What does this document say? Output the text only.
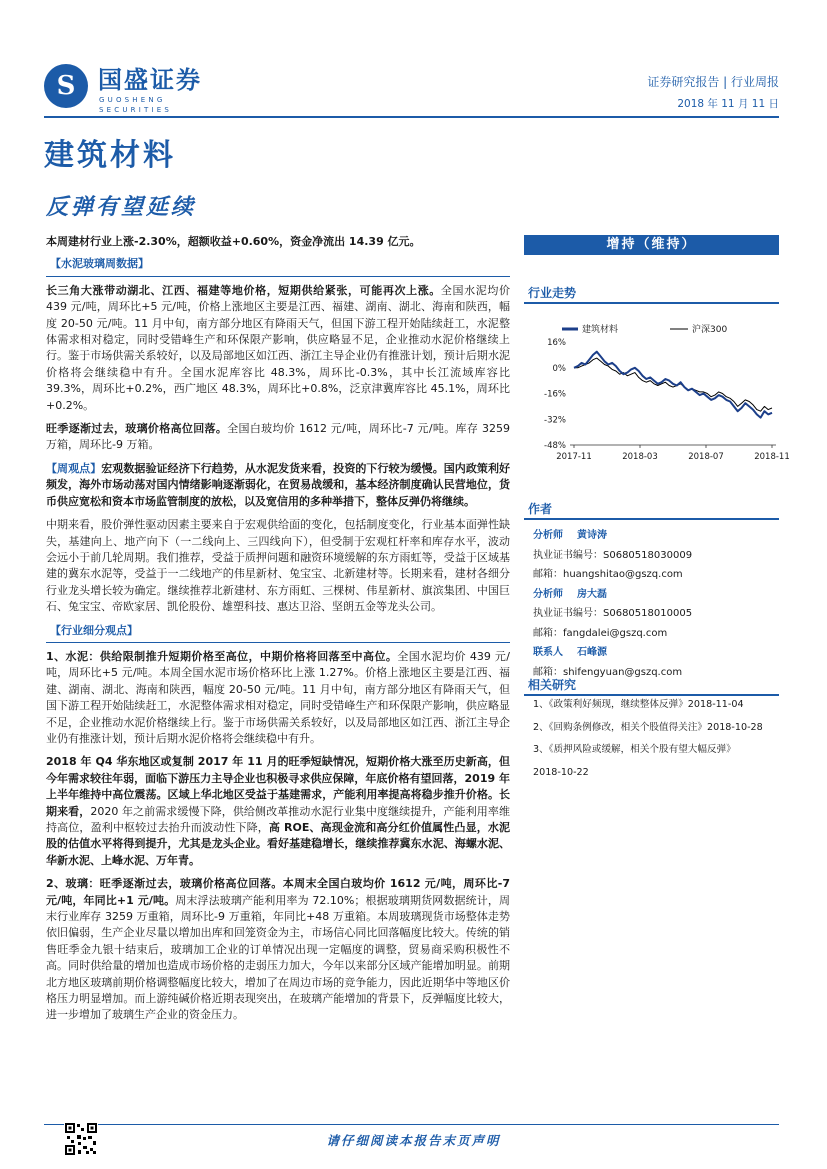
S 国盛证券
GUOSHENG SECURITIES
证券研究报告 | 行业周报
2018 年 11 月 11 日
建筑材料
反弹有望延续
本周建材行业上涨-2.30%，超额收益+0.60%，资金净流出 14.39 亿元。
【水泥玻璃周数据】

长三角大涨带动湖北、江西、福建等地价格，短期供给紧张，可能再次上涨。全国水泥均价 439 元/吨，周环比+5 元/吨，价格上涨地区主要是江西、福建、湖南、湖北、海南和陕西，幅度 20-50 元/吨。11 月中旬，南方部分地区有降雨天气，但国下游工程开始陆续赶工，水泥整体需求相对稳定，同时受错峰生产和环保限产影响，供应略显不足，企业推动水泥价格继续上行。鉴于市场供需关系较好，以及局部地区如江西、浙江主导企业仍有推涨计划，预计后期水泥价格将会继续稳中有升。全国水泥库容比 48.3%，周环比-0.3%，其中长江流域库容比 39.3%，周环比+0.2%，西广地区 48.3%，周环比+0.8%，泛京津冀库容比 45.1%，周环比+0.2%。

旺季逐渐过去，玻璃价格高位回落。全国白玻均价 1612 元/吨，周环比-7 元/吨。库存 3259 万箱，周环比-9 万箱。

【周观点】宏观数据验证经济下行趋势，从水泥发货来看，投资的下行较为缓慢。国内政策利好频发，海外市场动荡对国内情绪影响逐渐弱化，在贸易战缓和，基本经济制度确认民营地位，货币供应宽松和资本市场监管制度的放松，以及宽信用的多种举措下，整体反弹仍将继续。

中期来看，股价弹性驱动因素主要来自于宏观供给面的变化，包括制度变化，行业基本面弹性缺失，基建向上、地产向下（一二线向上、三四线向下），但受制于宏观杠杆率和库存水平，波动会远小于前几轮周期。我们推荐，受益于质押问题和融资环境缓解的东方雨虹等，受益于区域基建的冀东水泥等，受益于一二线地产的伟星新材、兔宝宝、北新建材等。长期来看，建材各细分行业龙头增长较为确定。继续推荐北新建材、东方雨虹、三棵树、伟星新材、旗滨集团、中国巨石、兔宝宝、帝欧家居、凯伦股份、雄塑科技、惠达卫浴、坚朗五金等龙头公司。

【行业细分观点】

1、水泥：供给限制推升短期价格至高位，中期价格将回落至中高位。全国水泥均价 439 元/吨，周环比+5 元/吨。本周全国水泥市场价格环比上涨 1.27%。价格上涨地区主要是江西、福建、湖南、湖北、海南和陕西，幅度 20-50 元/吨。11 月中旬，南方部分地区有降雨天气，但国下游工程开始陆续赶工，水泥整体需求相对稳定，同时受错峰生产和环保限产影响，供应略显不足，企业推动水泥价格继续上行。鉴于市场供需关系较好，以及局部地区如江西、浙江主导企业仍有推涨计划，预计后期水泥价格将会继续稳中有升。

2018 年 Q4 华东地区或复制 2017 年 11 月的旺季短缺情况，短期价格大涨至历史新高，但今年需求较往年弱，面临下游压力主导企业也积极寻求供应保障，年底价格有望回落，2019 年上半年维持中高位震荡。区域上华北地区受益于基建需求，产能利用率提高将稳步推升价格。长期来看，2020 年之前需求缓慢下降，供给侧改革推动水泥行业集中度继续提升，产能利用率维持高位，盈利中枢较过去抬升而波动性下降，高 ROE、高现金流和高分红价值属性凸显，水泥股的估值水平将得到提升，尤其是龙头企业。看好基建稳增长，继续推荐冀东水泥、海螺水泥、华新水泥、上峰水泥、万年青。

2、玻璃：旺季逐渐过去，玻璃价格高位回落。本周末全国白玻均价 1612 元/吨，周环比-7 元/吨，年同比+1 元/吨。周末浮法玻璃产能利用率为 72.10%；根据玻璃期货网数据统计，周末行业库存 3259 万重箱，周环比-9 万重箱，年同比+48 万重箱。本周玻璃现货市场整体走势依旧偏弱，生产企业尽量以增加出库和回笼资金为主，市场信心同比回落幅度比较大。传统的销售旺季金九银十结束后，玻璃加工企业的订单情况出现一定幅度的调整，贸易商采购积极性不高。同时供给量的增加也造成市场价格的走弱压力加大，今年以来部分区域产能增加明显。前期北方地区玻璃前期价格调整幅度比较大，增加了在周边市场的竞争能力，因此近期华中等地区价格压力明显增加。而上游纯碱价格近期表现突出，在玻璃产能增加的背景下，反弹幅度比较大，进一步增加了玻璃生产企业的资金压力。

增持（维持）
行业走势
建筑材料	沪深300
16%
0%
-16%
-32%
-48%
2017-11	2018-03	2018-07	2018-11
作者
分析师 黄诗涛
执业证书编号：S0680518030009
邮箱：huangshitao@gszq.com
分析师 房大磊
执业证书编号：S0680518010005
邮箱：fangdalei@gszq.com
联系人 石峰源
邮箱：shifengyuan@gszq.com
相关研究
1、《政策利好频现，继续整体反弹》2018-11-04
2、《回购条例修改，相关个股值得关注》2018-10-28
3、《质押风险或缓解，相关个股有望大幅反弹》
2018-10-22
请仔细阅读本报告末页声明
